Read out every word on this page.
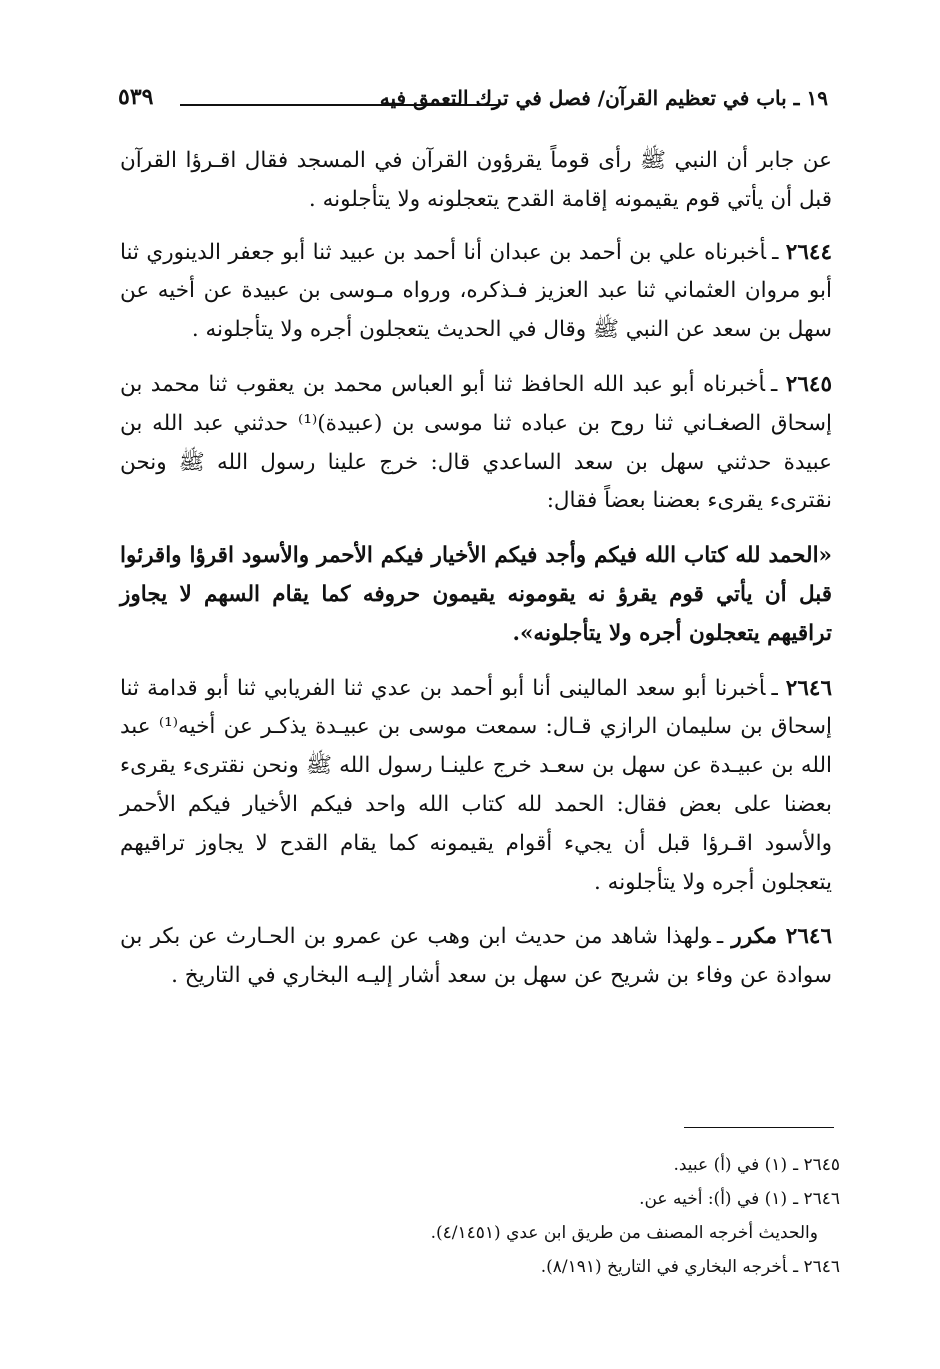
١٩ ـ باب في تعظيم القرآن/ فصل في ترك التعمق فيه
٥٣٩

عن جابر أن النبي ﷺ رأى قوماً يقرؤون القرآن في المسجد فقال اقـرؤا القرآن قبل أن يأتي قوم يقيمونه إقامة القدح يتعجلونه ولا يتأجلونه .

٢٦٤٤ ـأخبرناه علي بن أحمد بن عبدان أنا أحمد بن عبيد ثنا أبو جعفر الدينوري ثنا أبو مروان العثماني ثنا عبد العزيز فـذكره، ورواه مـوسى بن عبيدة عن أخيه عن سهل بن سعد عن النبي ﷺ وقال في الحديث يتعجلون أجره ولا يتأجلونه .

٢٦٤٥ ـأخبرناه أبو عبد الله الحافظ ثنا أبو العباس محمد بن يعقوب ثنا محمد بن إسحاق الصغـاني ثنا روح بن عباده ثنا موسى بن (عبيدة)⁽¹⁾ حدثني عبد الله بن عبيدة حدثني سهل بن سعد الساعدي قال: خرج علينا رسول الله ﷺ ونحن نقترىء يقرىء بعضنا بعضاً فقال:

«الحمد لله كتاب الله فيكم وأجد فيكم الأخيار فيكم الأحمر والأسود اقرؤا واقرئوا قبل أن يأتي قوم يقرؤ نه يقومونه يقيمون حروفه كما يقام السهم لا يجاوز تراقيهم يتعجلون أجره ولا يتأجلونه».

٢٦٤٦ ـأخبرنا أبو سعد المالينى أنا أبو أحمد بن عدي ثنا الفريابي ثنا أبو قدامة ثنا إسحاق بن سليمان الرازي قـال: سمعت موسى بن عبيـدة يذكـر عن أخيه⁽¹⁾ عبد الله بن عبيـدة عن سهل بن سعـد خرج علينـا رسول الله ﷺ ونحن نقترىء يقرىء بعضنا على بعض فقال: الحمد لله كتاب الله واحد فيكم الأخيار فيكم الأحمر والأسود اقـرؤا قبل أن يجيء أقوام يقيمونه كما يقام القدح لا يجاوز تراقيهم يتعجلون أجره ولا يتأجلونه .

٢٦٤٦ مكرر ـولهذا شاهد من حديث ابن وهب عن عمرو بن الحـارث عن بكر بن سوادة عن وفاء بن شريح عن سهل بن سعد أشار إليـه البخاري في التاريخ .

٢٦٤٥ ـ(١) في (أ) عبيد.
٢٦٤٦ ـ(١) في (أ): أخيه عن.
والحديث أخرجه المصنف من طريق ابن عدي (٤/١٤٥١).
٢٦٤٦ ـأخرجه البخاري في التاريخ (٨/١٩١).
